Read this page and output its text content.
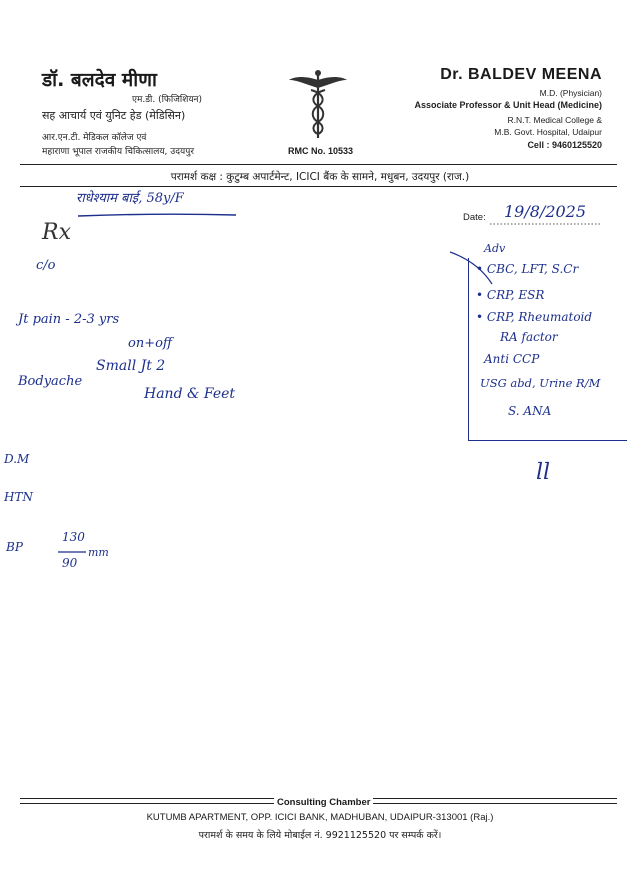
डॉ. बलदेव मीणा
एम.डी. (फिजिशियन)
सह आचार्य एवं युनिट हेड (मेडिसिन)
आर.एन.टी. मेडिकल कॉलेज एवं
महाराणा भूपाल राजकीय चिकित्सालय, उदयपुर	RMC No. 10533
Dr. BALDEV MEENA
M.D. (Physician)
Associate Professor & Unit Head (Medicine)
R.N.T. Medical College &
M.B. Govt. Hospital, Udaipur
Cell : 9460125520
परामर्श कक्ष : कुटुम्ब अपार्टमेन्ट, ICICI बैंक के सामने, मधुबन, उदयपुर (राज.)
Date: 19/8/2025
राधेश्याम बाई, 58y/F
Rx
c/o
Jt pain - 2-3 yrs
on+off
Small Jt 2
Hand & Feet
Bodyache
D.M
HTN
BP
130
90
mm
Adv
• CBC, LFT, S.Cr
• CRP, ESR
• CRP, Rheumatoid
RA factor
Anti CCP
USG abd, Urine R/M
S. ANA
ll
Consulting Chamber
KUTUMB APARTMENT, OPP. ICICI BANK, MADHUBAN, UDAIPUR-313001 (Raj.)
परामर्श के समय के लिये मोबाईल नं. 9921125520 पर सम्पर्क करें।
